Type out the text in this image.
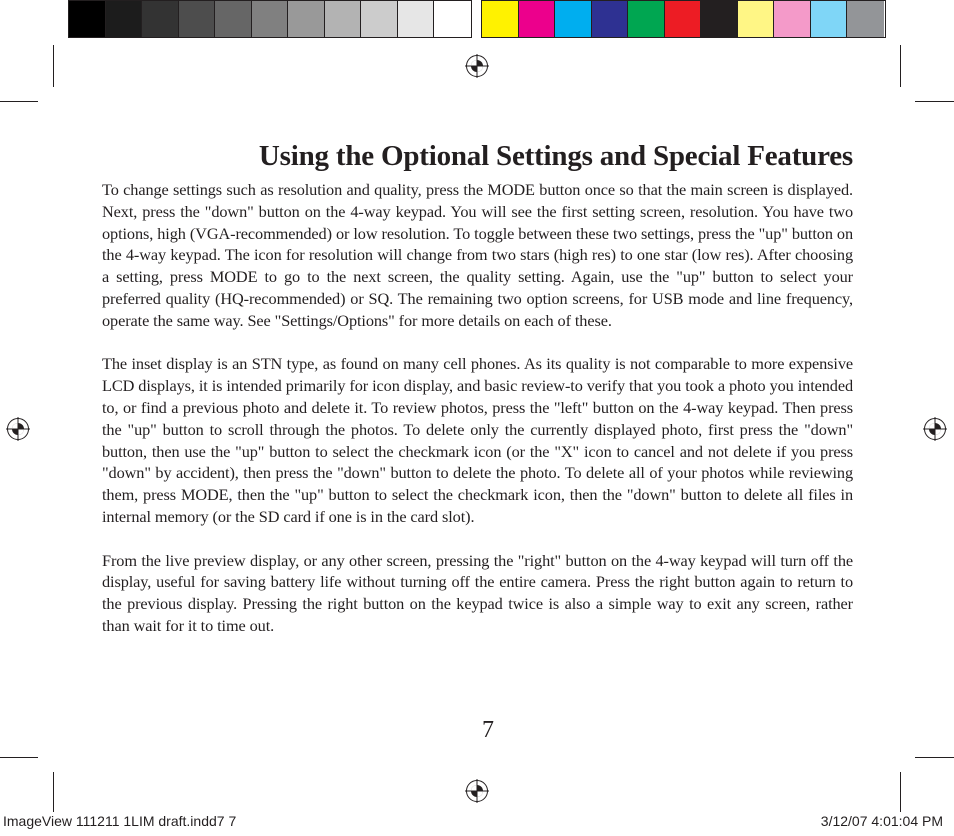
Using the Optional Settings and Special Features

To change settings such as resolution and quality, press the MODE button once so that the main screen is displayed. Next, press the "down" button on the 4-way keypad. You will see the first setting screen, resolution. You have two options, high (VGA-recommended) or low resolution. To toggle between these two settings, press the "up" button on the 4-way keypad. The icon for resolution will change from two stars (high res) to one star (low res). After choosing a setting, press MODE to go to the next screen, the quality setting. Again, use the "up" button to select your preferred quality (HQ-recommended) or SQ. The remaining two option screens, for USB mode and line frequency, operate the same way. See "Settings/Options" for more details on each of these.

The inset display is an STN type, as found on many cell phones. As its quality is not comparable to more expensive LCD displays, it is intended primarily for icon display, and basic review-to verify that you took a photo you intended to, or find a previous photo and delete it. To review photos, press the "left" button on the 4-way keypad. Then press the "up" button to scroll through the photos. To delete only the currently displayed photo, first press the "down" button, then use the "up" button to select the checkmark icon (or the "X" icon to cancel and not delete if you press "down" by accident), then press the "down" button to delete the photo. To delete all of your photos while reviewing them, press MODE, then the "up" button to select the checkmark icon, then the "down" button to delete all files in internal memory (or the SD card if one is in the card slot).

From the live preview display, or any other screen, pressing the "right" button on the 4-way keypad will turn off the display, useful for saving battery life without turning off the entire camera. Press the right button again to return to the previous display. Pressing the right button on the keypad twice is also a simple way to exit any screen, rather than wait for it to time out.

7
ImageView 111211 1LIM draft.indd7 7	3/12/07 4:01:04 PM
